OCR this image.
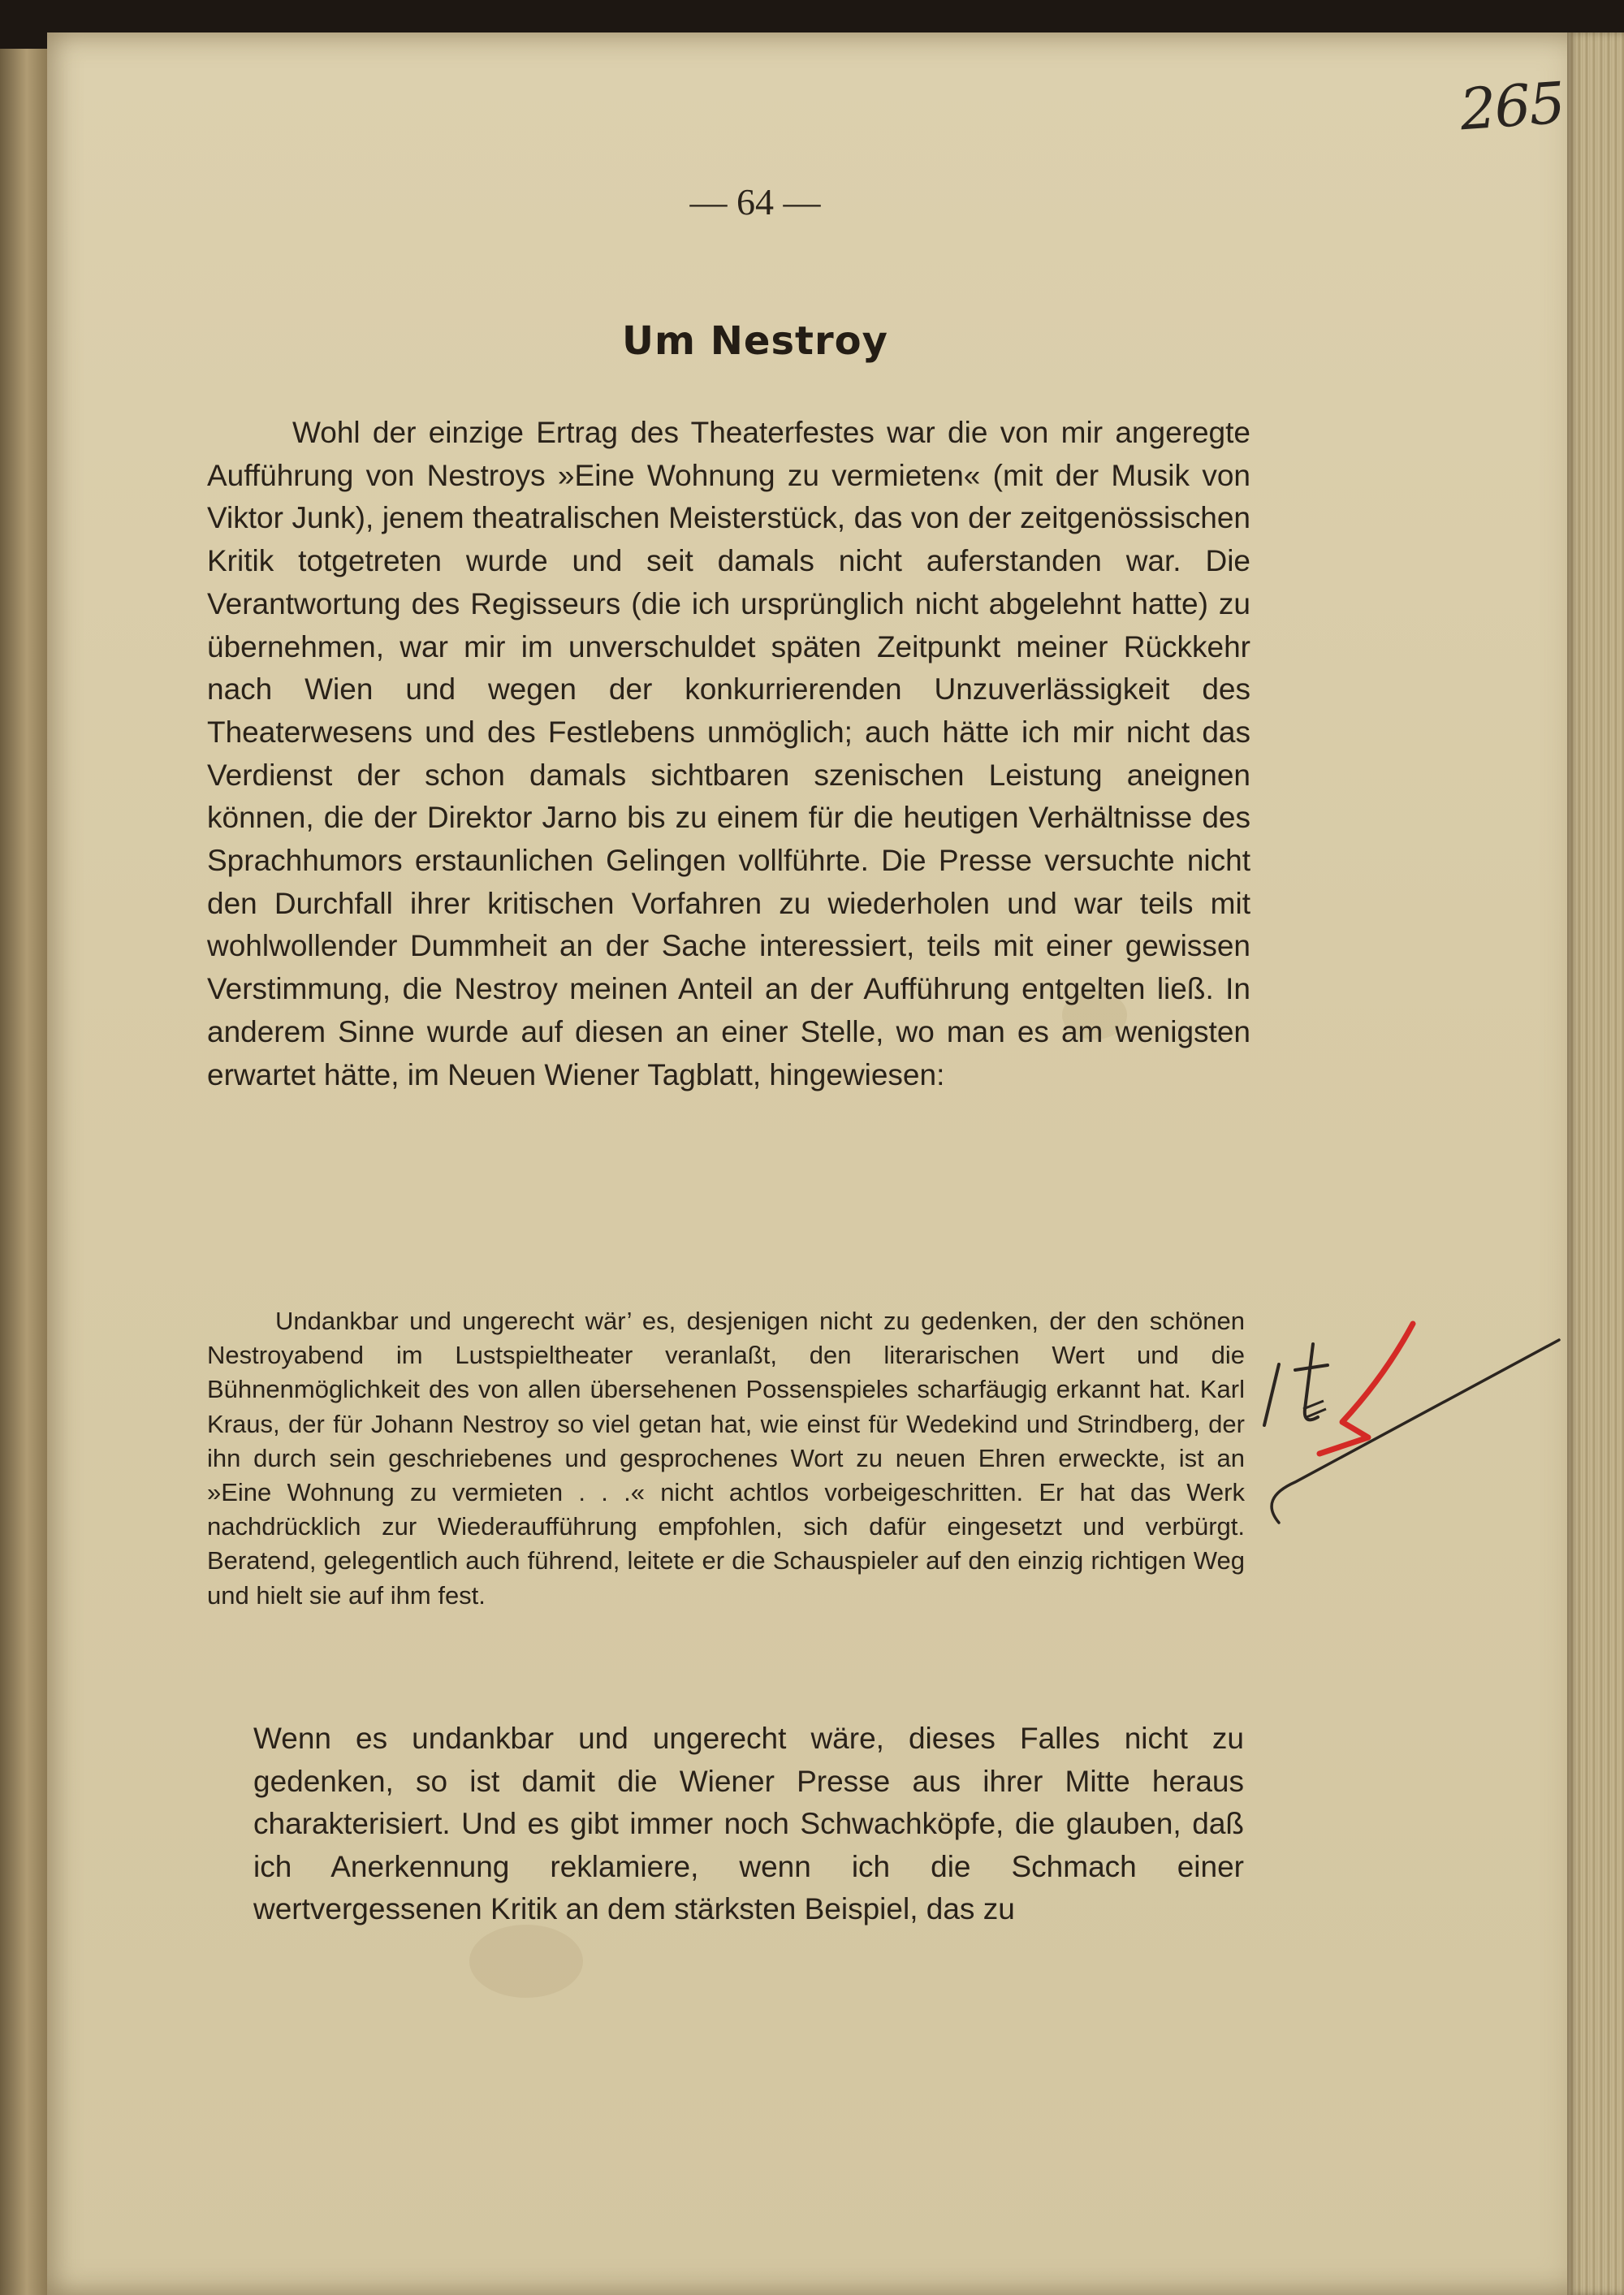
265
— 64 —
Um Nestroy

Wohl der einzige Ertrag des Theaterfestes war die von mir angeregte Aufführung von Nestroys »Eine Wohnung zu vermieten« (mit der Musik von Viktor Junk), jenem theatralischen Meisterstück, das von der zeitgenössischen Kritik totgetreten wurde und seit damals nicht auferstanden war. Die Verantwortung des Regisseurs (die ich ursprünglich nicht abgelehnt hatte) zu übernehmen, war mir im unverschuldet späten Zeitpunkt meiner Rückkehr nach Wien und wegen der konkurrierenden Unzuverlässigkeit des Theaterwesens und des Festlebens unmöglich; auch hätte ich mir nicht das Verdienst der schon damals sichtbaren szenischen Leistung aneignen können, die der Direktor Jarno bis zu einem für die heutigen Verhältnisse des Sprachhumors erstaunlichen Gelingen vollführte. Die Presse versuchte nicht den Durchfall ihrer kritischen Vorfahren zu wiederholen und war teils mit wohlwollender Dummheit an der Sache interessiert, teils mit einer gewissen Verstimmung, die Nestroy meinen Anteil an der Aufführung entgelten ließ. In anderem Sinne wurde auf diesen an einer Stelle, wo man es am wenigsten erwartet hätte, im Neuen Wiener Tagblatt, hingewiesen:

Undankbar und ungerecht wär’ es, desjenigen nicht zu gedenken, der den schönen Nestroyabend im Lustspieltheater veranlaßt, den literarischen Wert und die Bühnenmöglichkeit des von allen übersehenen Possenspieles scharfäugig erkannt hat. Karl Kraus, der für Johann Nestroy so viel getan hat, wie einst für Wedekind und Strindberg, der ihn durch sein geschriebenes und gesprochenes Wort zu neuen Ehren erweckte, ist an »Eine Wohnung zu vermieten . . .« nicht achtlos vorbeigeschritten. Er hat das Werk nachdrücklich zur Wiederaufführung empfohlen, sich dafür eingesetzt und verbürgt. Beratend, gelegentlich auch führend, leitete er die Schauspieler auf den einzig richtigen Weg und hielt sie auf ihm fest.

Wenn es undankbar und ungerecht wäre, dieses Falles nicht zu gedenken, so ist damit die Wiener Presse aus ihrer Mitte heraus charakterisiert. Und es gibt immer noch Schwachköpfe, die glauben, daß ich Anerkennung reklamiere, wenn ich die Schmach einer wertvergessenen Kritik an dem stärksten Beispiel, das zu
